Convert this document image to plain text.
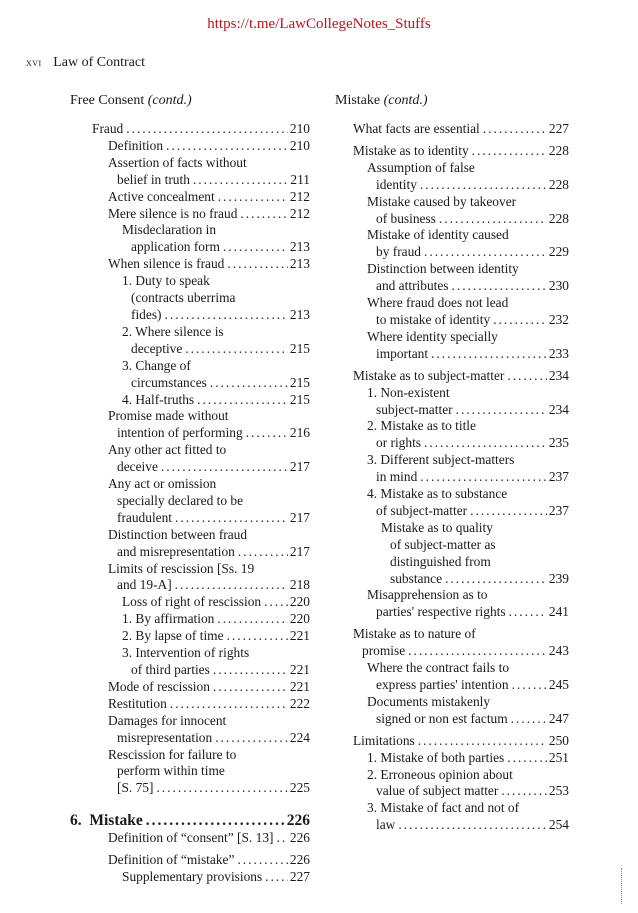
https://t.me/LawCollegeNotes_Stuffs
xvi Law of Contract
Free Consent (contd.)
Fraud .....	210
Definition .....	210
Assertion of facts without
belief in truth .....	211
Active concealment .....	212
Mere silence is no fraud .....	212
Misdeclaration in
application form .....	213
When silence is fraud .....	213
1. Duty to speak
(contracts uberrima
fides) .....	213
2. Where silence is
deceptive .....	215
3. Change of
circumstances .....	215
4. Half-truths .....	215
Promise made without
intention of performing .....	216
Any other act fitted to
deceive .....	217
Any act or omission
specially declared to be
fraudulent .....	217
Distinction between fraud
and misrepresentation .....	217
Limits of rescission [Ss. 19
and 19-A] .....	218
Loss of right of rescission ..... 220
1. By affirmation .....	220
2. By lapse of time .....	221
3. Intervention of rights
of third parties .....	221
Mode of rescission .....	221
Restitution .....	222
Damages for innocent
misrepresentation .....	224
Rescission for failure to
perform within time
[S. 75] .....	225
6.  Mistake .....	226
Definition of “consent” [S. 13] ..... 226
Definition of “mistake” .....	226
Supplementary provisions ..... 227
Mistake (contd.)
What facts are essential .....	227
Mistake as to identity .....	228
Assumption of false
identity .....	228
Mistake caused by takeover
of business .....	228
Mistake of identity caused
by fraud .....	229
Distinction between identity
and attributes .....	230
Where fraud does not lead
to mistake of identity .....	232
Where identity specially
important .....	233
Mistake as to subject-matter .....	234
1. Non-existent
subject-matter .....	234
2. Mistake as to title
or rights .....	235
3. Different subject-matters
in mind .....	237
4. Mistake as to substance
of subject-matter .....	237
Mistake as to quality
of subject-matter as
distinguished from
substance .....	239
Misapprehension as to
parties' respective rights .....	241
Mistake as to nature of
promise .....	243
Where the contract fails to
express parties' intention .....	245
Documents mistakenly
signed or non est factum .....	247
Limitations .....	250
1. Mistake of both parties .....	251
2. Erroneous opinion about
value of subject matter .....	253
3. Mistake of fact and not of
law .....	254
